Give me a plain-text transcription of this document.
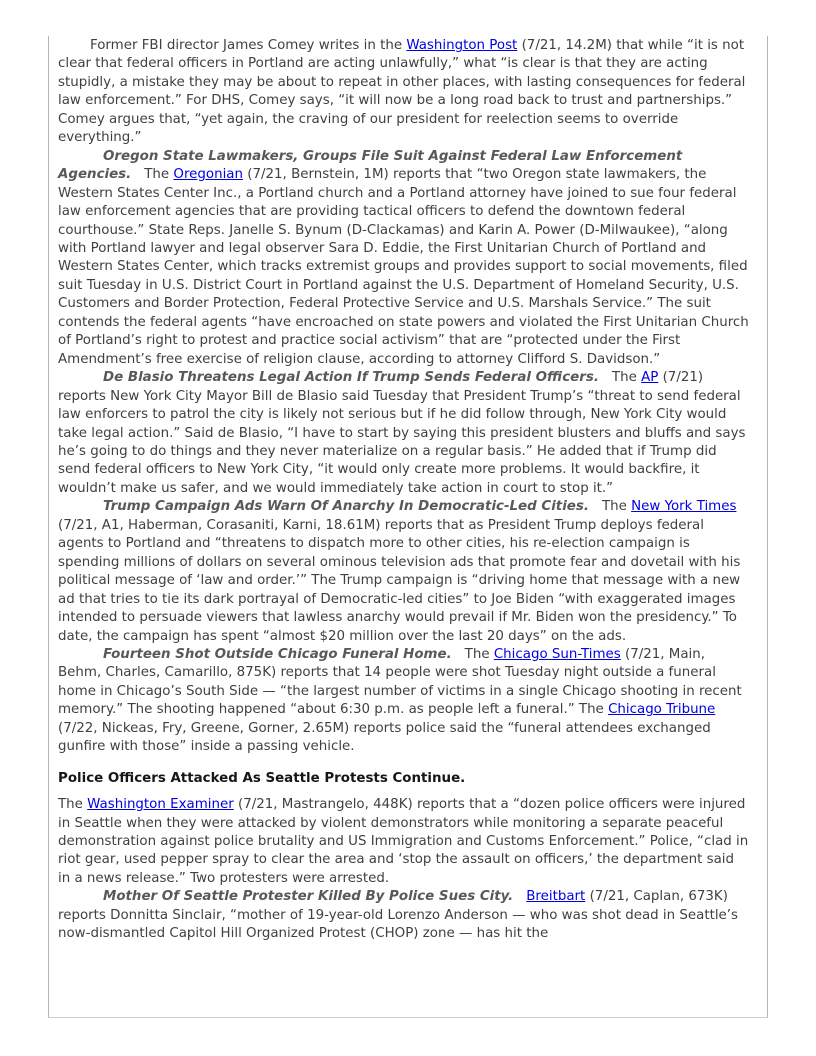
Former FBI director James Comey writes in the Washington Post (7/21, 14.2M) that while “it is not clear that federal officers in Portland are acting unlawfully,” what “is clear is that they are acting stupidly, a mistake they may be about to repeat in other places, with lasting consequences for federal law enforcement.” For DHS, Comey says, “it will now be a long road back to trust and partnerships.” Comey argues that, “yet again, the craving of our president for reelection seems to override everything.”

Oregon State Lawmakers, Groups File Suit Against Federal Law Enforcement Agencies. The Oregonian (7/21, Bernstein, 1M) reports that “two Oregon state lawmakers, the Western States Center Inc., a Portland church and a Portland attorney have joined to sue four federal law enforcement agencies that are providing tactical officers to defend the downtown federal courthouse.” State Reps. Janelle S. Bynum (D-Clackamas) and Karin A. Power (D-Milwaukee), “along with Portland lawyer and legal observer Sara D. Eddie, the First Unitarian Church of Portland and Western States Center, which tracks extremist groups and provides support to social movements, filed suit Tuesday in U.S. District Court in Portland against the U.S. Department of Homeland Security, U.S. Customers and Border Protection, Federal Protective Service and U.S. Marshals Service.” The suit contends the federal agents “have encroached on state powers and violated the First Unitarian Church of Portland’s right to protest and practice social activism” that are “protected under the First Amendment’s free exercise of religion clause, according to attorney Clifford S. Davidson.”

De Blasio Threatens Legal Action If Trump Sends Federal Officers. The AP (7/21) reports New York City Mayor Bill de Blasio said Tuesday that President Trump’s “threat to send federal law enforcers to patrol the city is likely not serious but if he did follow through, New York City would take legal action.” Said de Blasio, “I have to start by saying this president blusters and bluffs and says he’s going to do things and they never materialize on a regular basis.” He added that if Trump did send federal officers to New York City, “it would only create more problems. It would backfire, it wouldn’t make us safer, and we would immediately take action in court to stop it.”

Trump Campaign Ads Warn Of Anarchy In Democratic-Led Cities. The New York Times (7/21, A1, Haberman, Corasaniti, Karni, 18.61M) reports that as President Trump deploys federal agents to Portland and “threatens to dispatch more to other cities, his re-election campaign is spending millions of dollars on several ominous television ads that promote fear and dovetail with his political message of ‘law and order.’” The Trump campaign is “driving home that message with a new ad that tries to tie its dark portrayal of Democratic-led cities” to Joe Biden “with exaggerated images intended to persuade viewers that lawless anarchy would prevail if Mr. Biden won the presidency.” To date, the campaign has spent “almost $20 million over the last 20 days” on the ads.

Fourteen Shot Outside Chicago Funeral Home. The Chicago Sun-Times (7/21, Main, Behm, Charles, Camarillo, 875K) reports that 14 people were shot Tuesday night outside a funeral home in Chicago’s South Side — “the largest number of victims in a single Chicago shooting in recent memory.” The shooting happened “about 6:30 p.m. as people left a funeral.” The Chicago Tribune (7/22, Nickeas, Fry, Greene, Gorner, 2.65M) reports police said the “funeral attendees exchanged gunfire with those” inside a passing vehicle.

Police Officers Attacked As Seattle Protests Continue.

The Washington Examiner (7/21, Mastrangelo, 448K) reports that a “dozen police officers were injured in Seattle when they were attacked by violent demonstrators while monitoring a separate peaceful demonstration against police brutality and US Immigration and Customs Enforcement.” Police, “clad in riot gear, used pepper spray to clear the area and ‘stop the assault on officers,’ the department said in a news release.” Two protesters were arrested.

Mother Of Seattle Protester Killed By Police Sues City. Breitbart (7/21, Caplan, 673K) reports Donnitta Sinclair, “mother of 19-year-old Lorenzo Anderson — who was shot dead in Seattle’s now-dismantled Capitol Hill Organized Protest (CHOP) zone — has hit the
